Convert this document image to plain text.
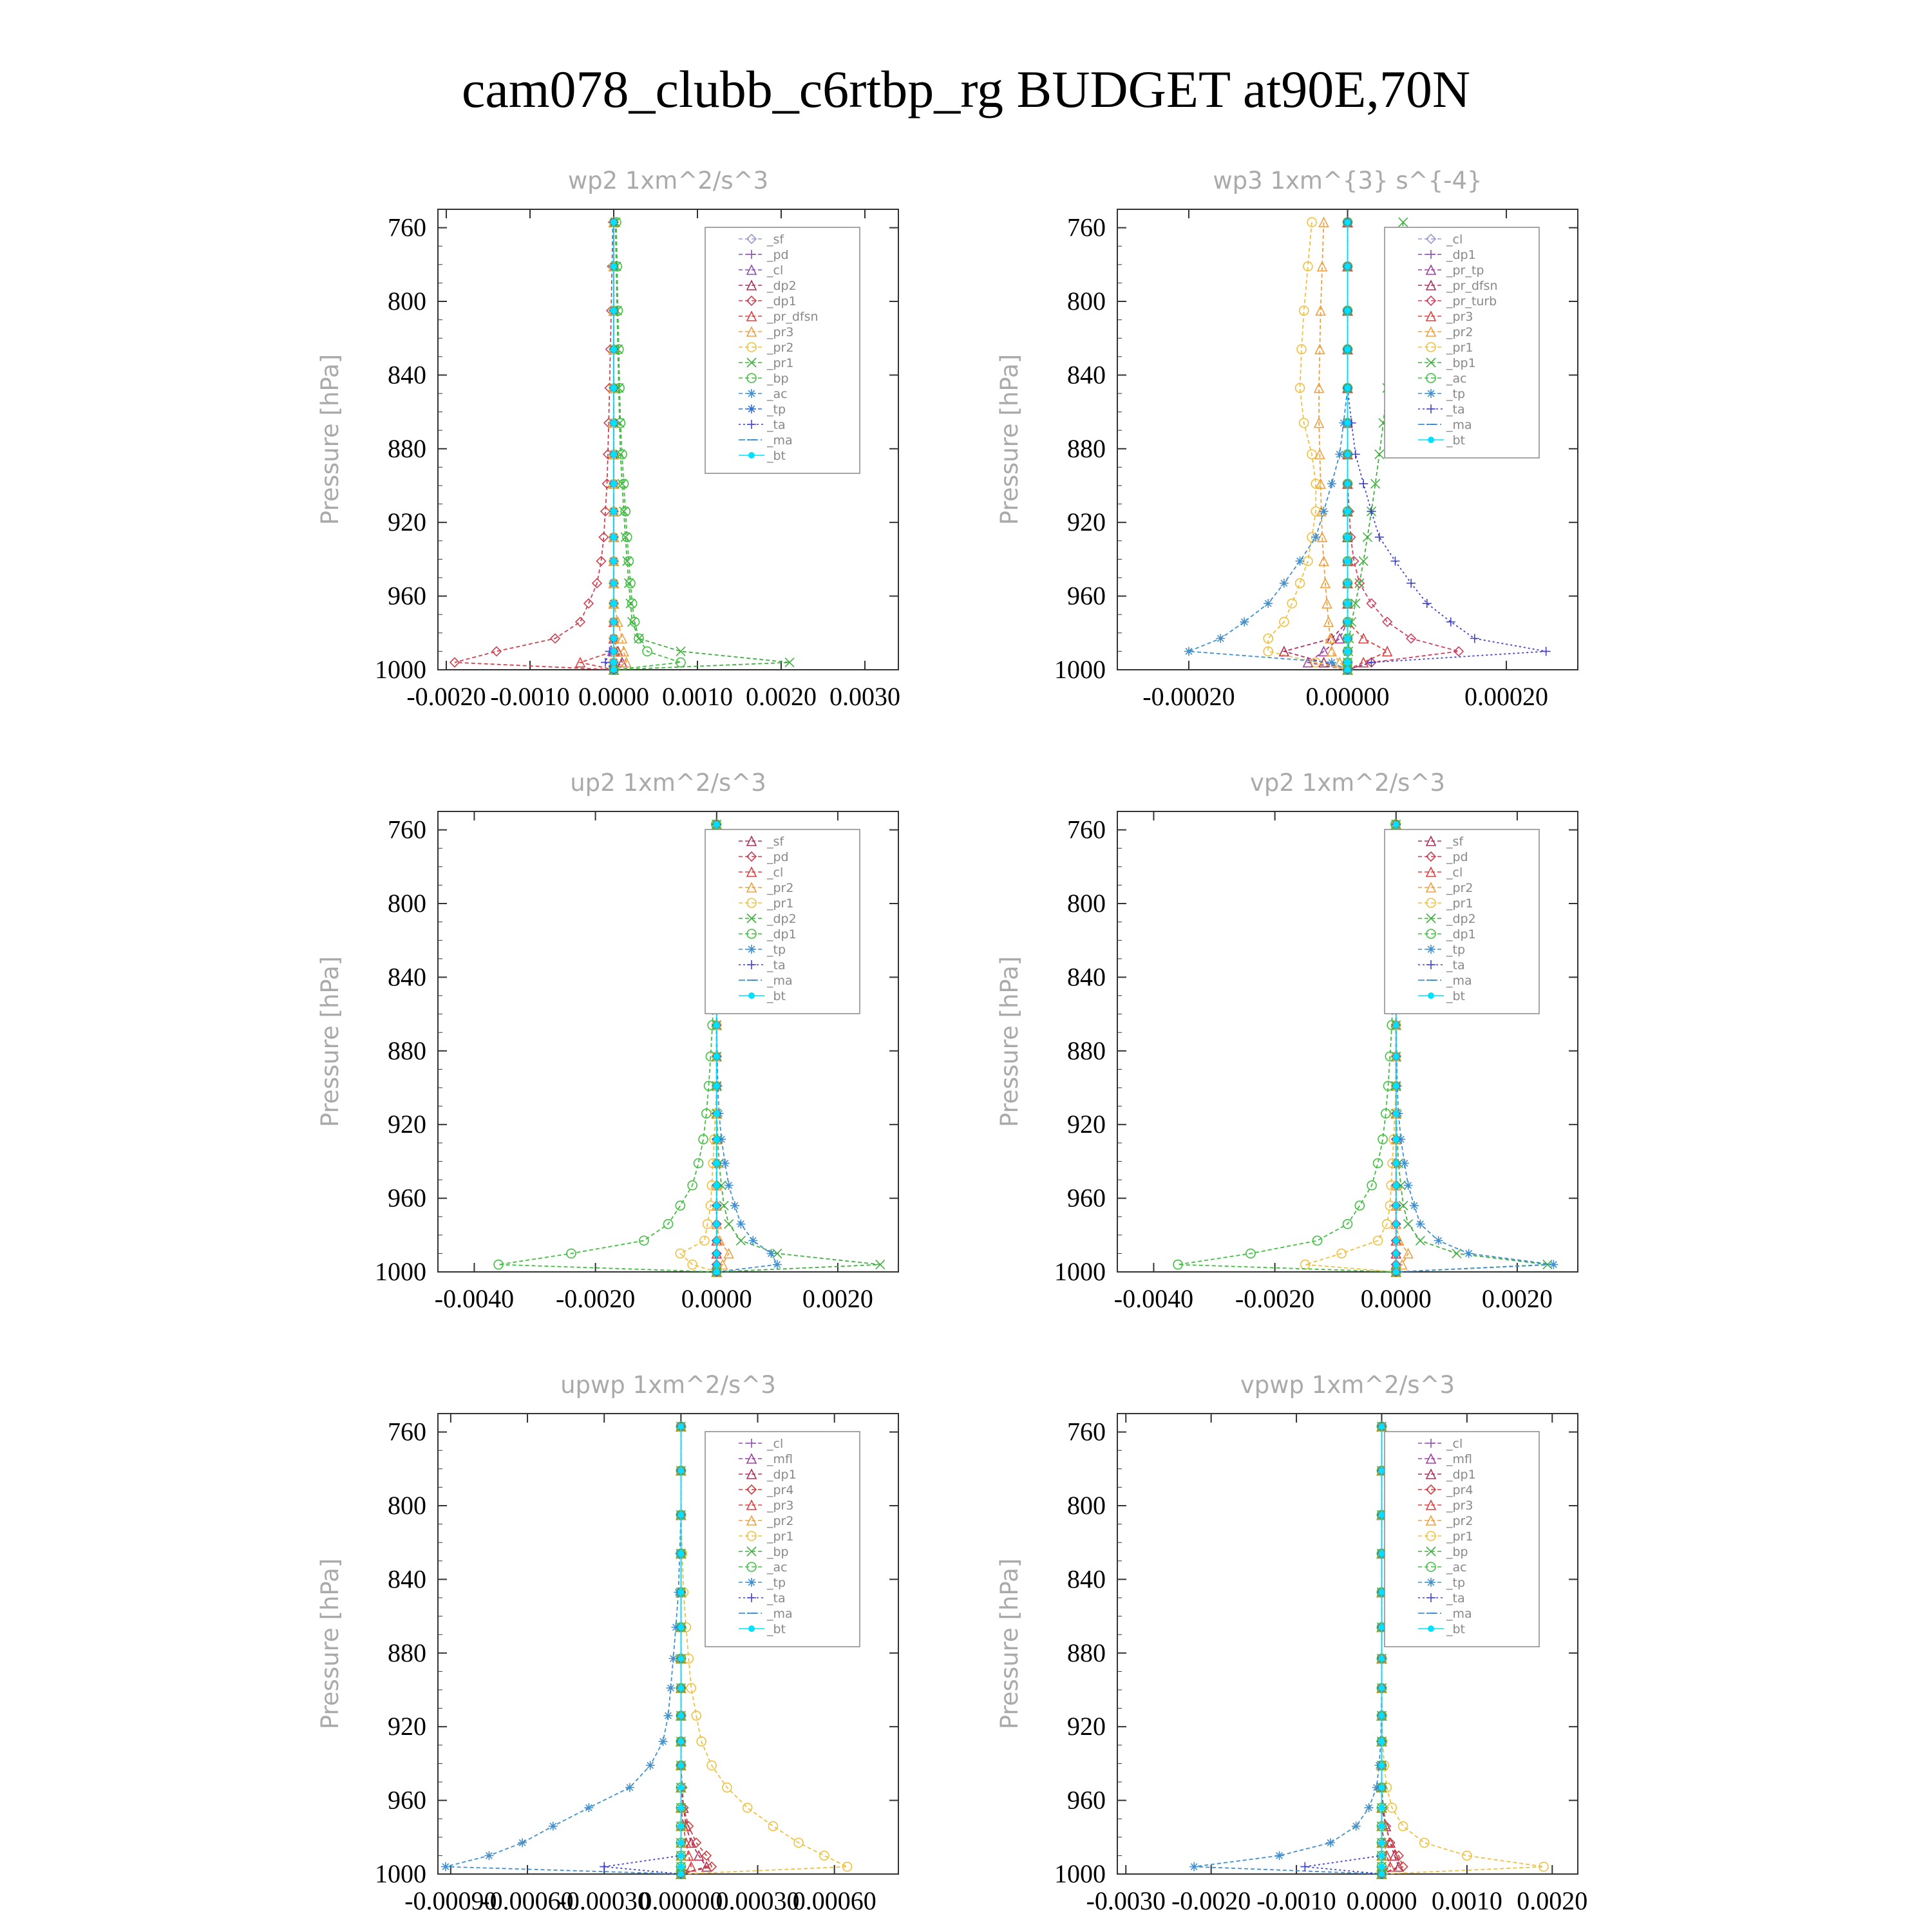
cam078_clubb_c6rtbp_rg BUDGET at90E,70N
wp2 1xm^2/s^3
Pressure [hPa]
760
800
840
880
920
960
1000
-0.0020 -0.0010 0.0000 0.0010 0.0020 0.0030
_sf
_pd
_cl
_dp2
_dp1
_pr_dfsn
_pr3
_pr2
_pr1
_bp
_ac
_tp
_ta
_ma
_bt
wp3 1xm^{3} s^{-4}
Pressure [hPa]
760
800
840
880
920
960
1000
-0.00020	0.00000	0.00020
_cl
_dp1
_pr_tp
_pr_dfsn
_pr_turb
_pr3
_pr2
_pr1
_bp1
_ac
_tp
_ta
_ma
_bt
up2 1xm^2/s^3
Pressure [hPa]
760
800
840
880
920
960
1000
-0.0040 -0.0020 0.0000 0.0020
_sf
_pd
_cl
_pr2
_pr1
_dp2
_dp1
_tp
_ta
_ma
_bt
vp2 1xm^2/s^3
Pressure [hPa]
760
800
840
880
920
960
1000
-0.0040 -0.0020 0.0000 0.0020
_sf
_pd
_cl
_pr2
_pr1
_dp2
_dp1
_tp
_ta
_ma
_bt
upwp 1xm^2/s^3
Pressure [hPa]
760
800
840
880
920
960
1000
-0.00090
-0.00060
-0.00030
0.00000
0.00030
0.00060
_cl
_mfl
_dp1
_pr4
_pr3
_pr2
_pr1
_bp
_ac
_tp
_ta
_ma
_bt
vpwp 1xm^2/s^3
Pressure [hPa]
760
800
840
880
920
960
1000
-0.0030 -0.0020 -0.0010 0.0000 0.0010 0.0020
_cl
_mfl
_dp1
_pr4
_pr3
_pr2
_pr1
_bp
_ac
_tp
_ta
_ma
_bt
